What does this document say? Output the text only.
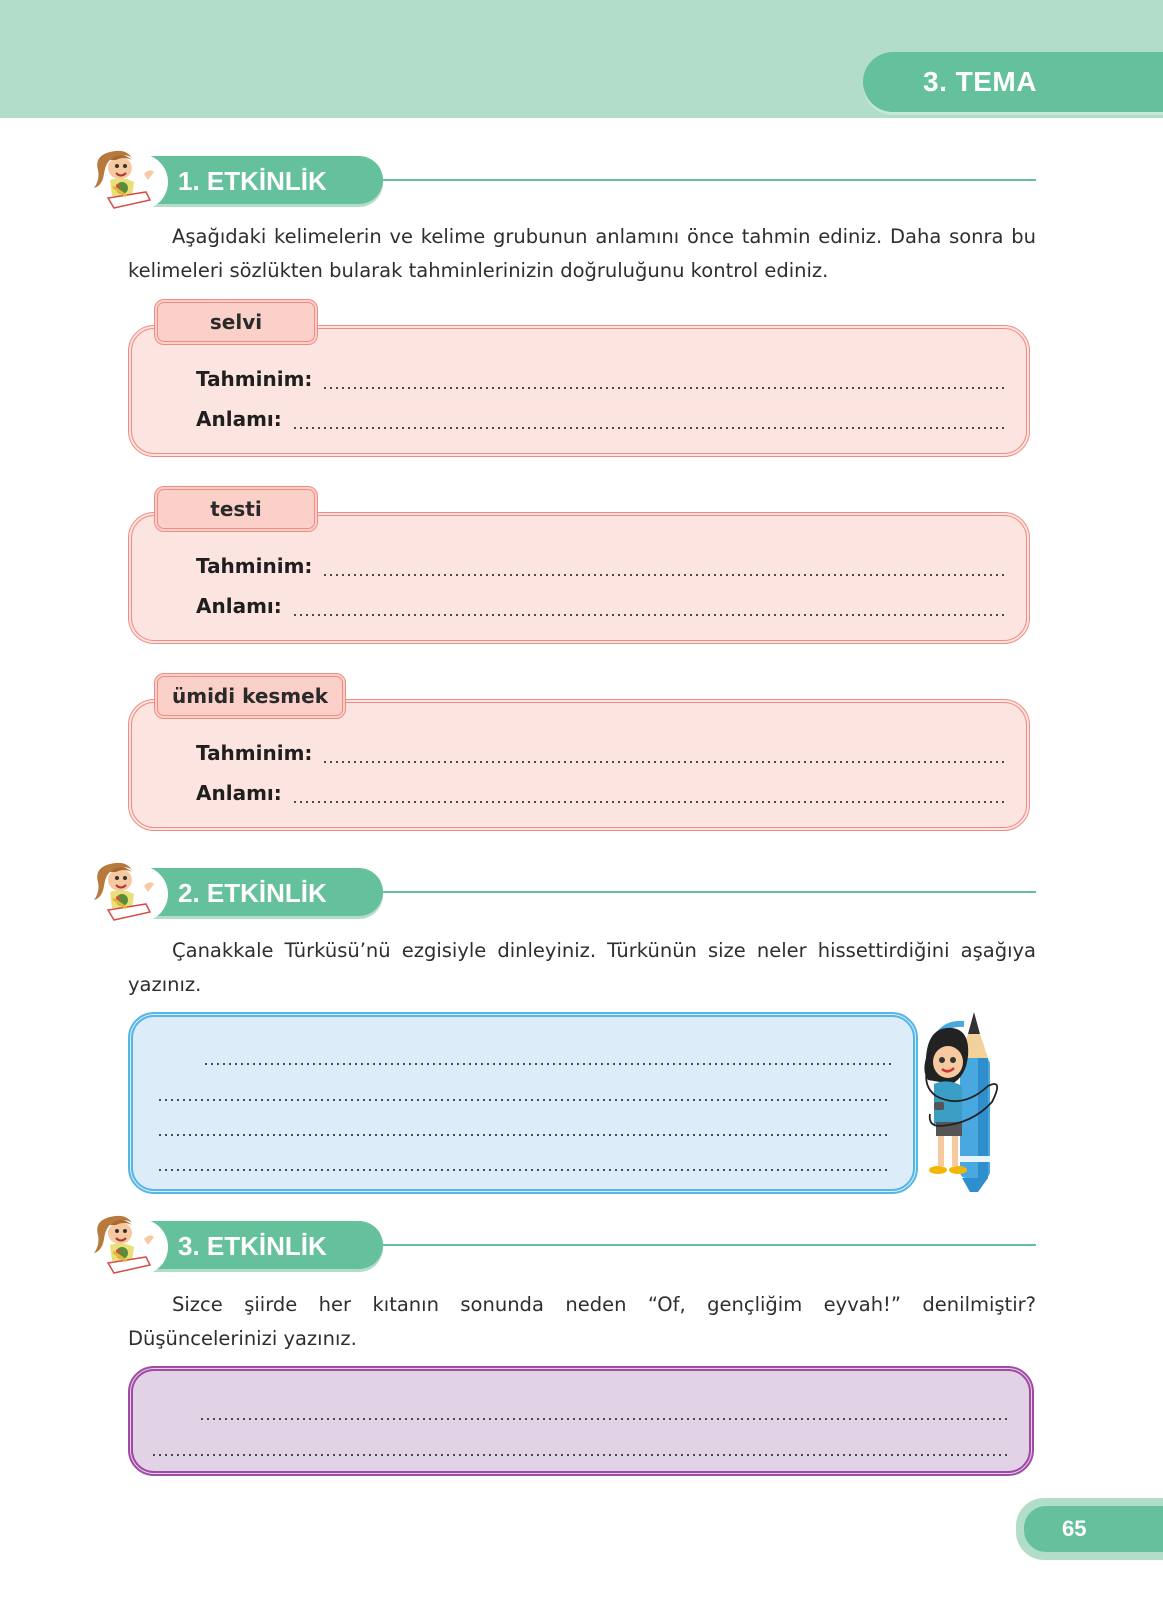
3. TEMA
1. ETKİNLİK
Aşağıdaki kelimelerin ve kelime grubunun anlamını önce tahmin ediniz. Daha sonra bu kelimeleri sözlükten bularak tahminlerinizin doğruluğunu kontrol ediniz.
selvi
Tahminim:
Anlamı:
testi
Tahminim:
Anlamı:
ümidi kesmek
Tahminim:
Anlamı:
2. ETKİNLİK
Çanakkale Türküsü’nü ezgisiyle dinleyiniz. Türkünün size neler hissettirdiğini aşağıya yazınız.
3. ETKİNLİK
Sizce şiirde her kıtanın sonunda neden “Of, gençliğim eyvah!” denilmiştir? Düşüncelerinizi yazınız.
65
